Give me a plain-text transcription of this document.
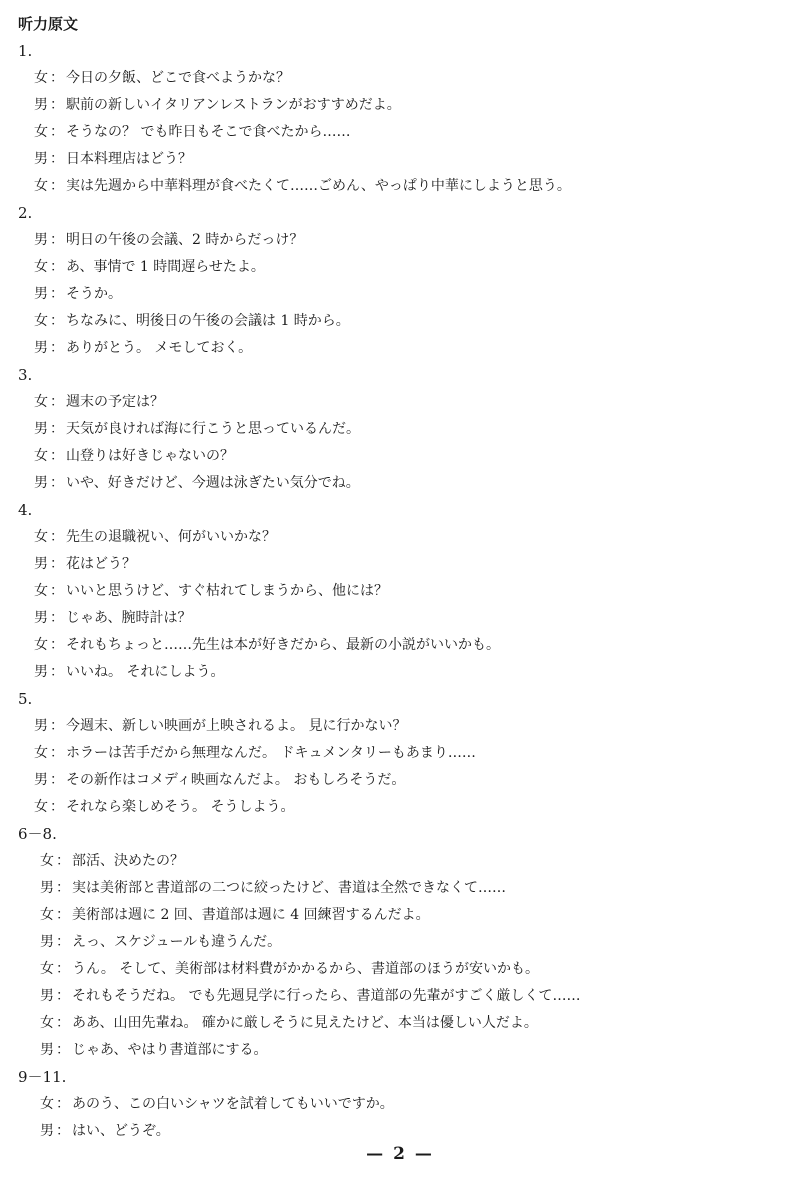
听力原文
1.
女 ： 今日の夕飯、どこで食べようかな？
男 ： 駅前の新しいイタリアンレストランがおすすめだよ。
女 ： そうなの？ でも昨日もそこで食べたから……
男 ： 日本料理店はどう？
女 ： 実は先週から中華料理が食べたくて……ごめん、やっぱり中華にしようと思う。
2.
男 ： 明日の午後の会議、2 時からだっけ？
女 ： あ、事情で 1 時間遅らせたよ。
男 ： そうか。
女 ： ちなみに、明後日の午後の会議は 1 時から。
男 ： ありがとう。 メモしておく。
3.
女 ： 週末の予定は？
男 ： 天気が良ければ海に行こうと思っているんだ。
女 ： 山登りは好きじゃないの？
男 ： いや、好きだけど、今週は泳ぎたい気分でね。
4.
女 ： 先生の退職祝い、何がいいかな？
男 ： 花はどう？
女 ： いいと思うけど、すぐ枯れてしまうから、他には？
男 ： じゃあ、腕時計は？
女 ： それもちょっと……先生は本が好きだから、最新の小説がいいかも。
男 ： いいね。 それにしよう。
5.
男 ： 今週末、新しい映画が上映されるよ。 見に行かない？
女 ： ホラーは苦手だから無理なんだ。 ドキュメンタリーもあまり……
男 ： その新作はコメディ映画なんだよ。 おもしろそうだ。
女 ： それなら楽しめそう。 そうしよう。
6－8.
女 ： 部活、決めたの？
男 ： 実は美術部と書道部の二つに絞ったけど、書道は全然できなくて……
女 ： 美術部は週に 2 回、書道部は週に 4 回練習するんだよ。
男 ： えっ、スケジュールも違うんだ。
女 ： うん。 そして、美術部は材料費がかかるから、書道部のほうが安いかも。
男 ： それもそうだね。 でも先週見学に行ったら、書道部の先輩がすごく厳しくて……
女 ： ああ、山田先輩ね。 確かに厳しそうに見えたけど、本当は優しい人だよ。
男 ： じゃあ、やはり書道部にする。
9－11.
女 ： あのう、この白いシャツを試着してもいいですか。
男 ： はい、どうぞ。
— 2 —
